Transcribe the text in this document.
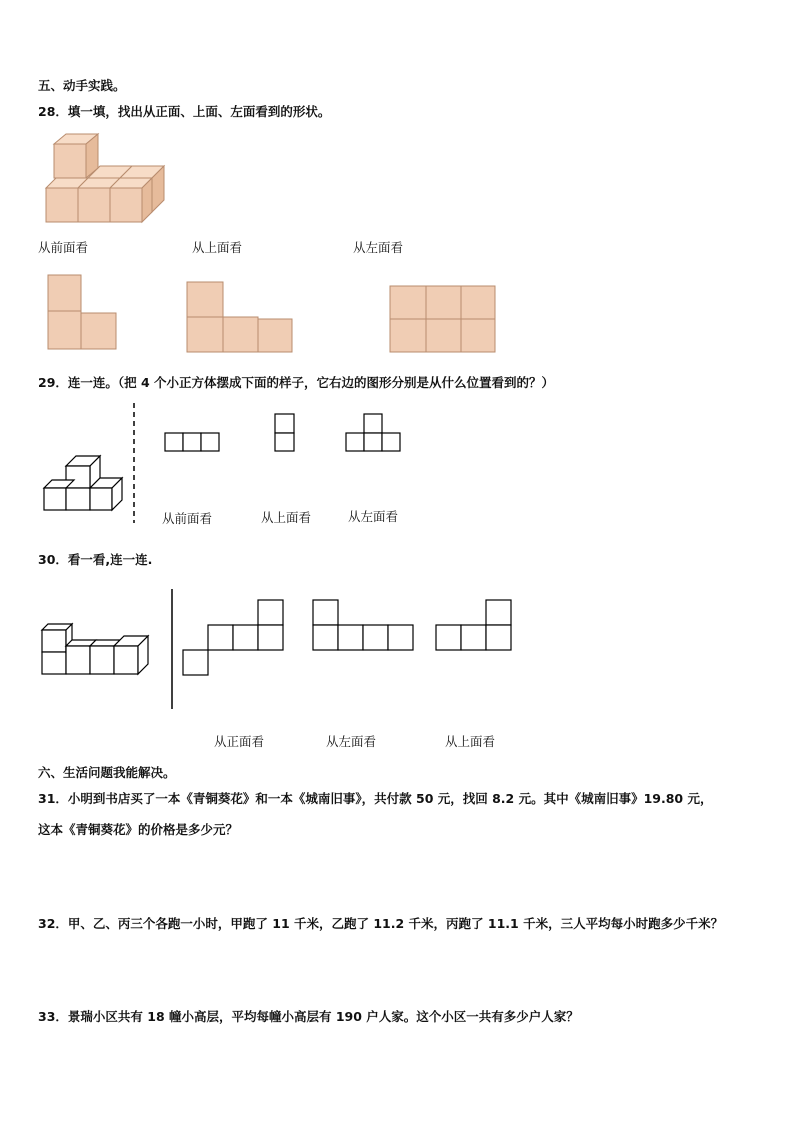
五、动手实践。
28．填一填，找出从正面、上面、左面看到的形状。
从前面看	从上面看	从左面看
29．连一连。（把 4 个小正方体摆成下面的样子，它右边的图形分别是从什么位置看到的？）
从前面看	从上面看	从左面看
30．看一看,连一连.
从正面看	从左面看	从上面看
六、生活问题我能解决。
31．小明到书店买了一本《青铜葵花》和一本《城南旧事》，共付款 50 元，找回 8.2 元。其中《城南旧事》19.80 元，
这本《青铜葵花》的价格是多少元？
32．甲、乙、丙三个各跑一小时，甲跑了 11 千米，乙跑了 11.2 千米，丙跑了 11.1 千米，三人平均每小时跑多少千米？
33．景瑞小区共有 18 幢小高层，平均每幢小高层有 190 户人家。这个小区一共有多少户人家？
